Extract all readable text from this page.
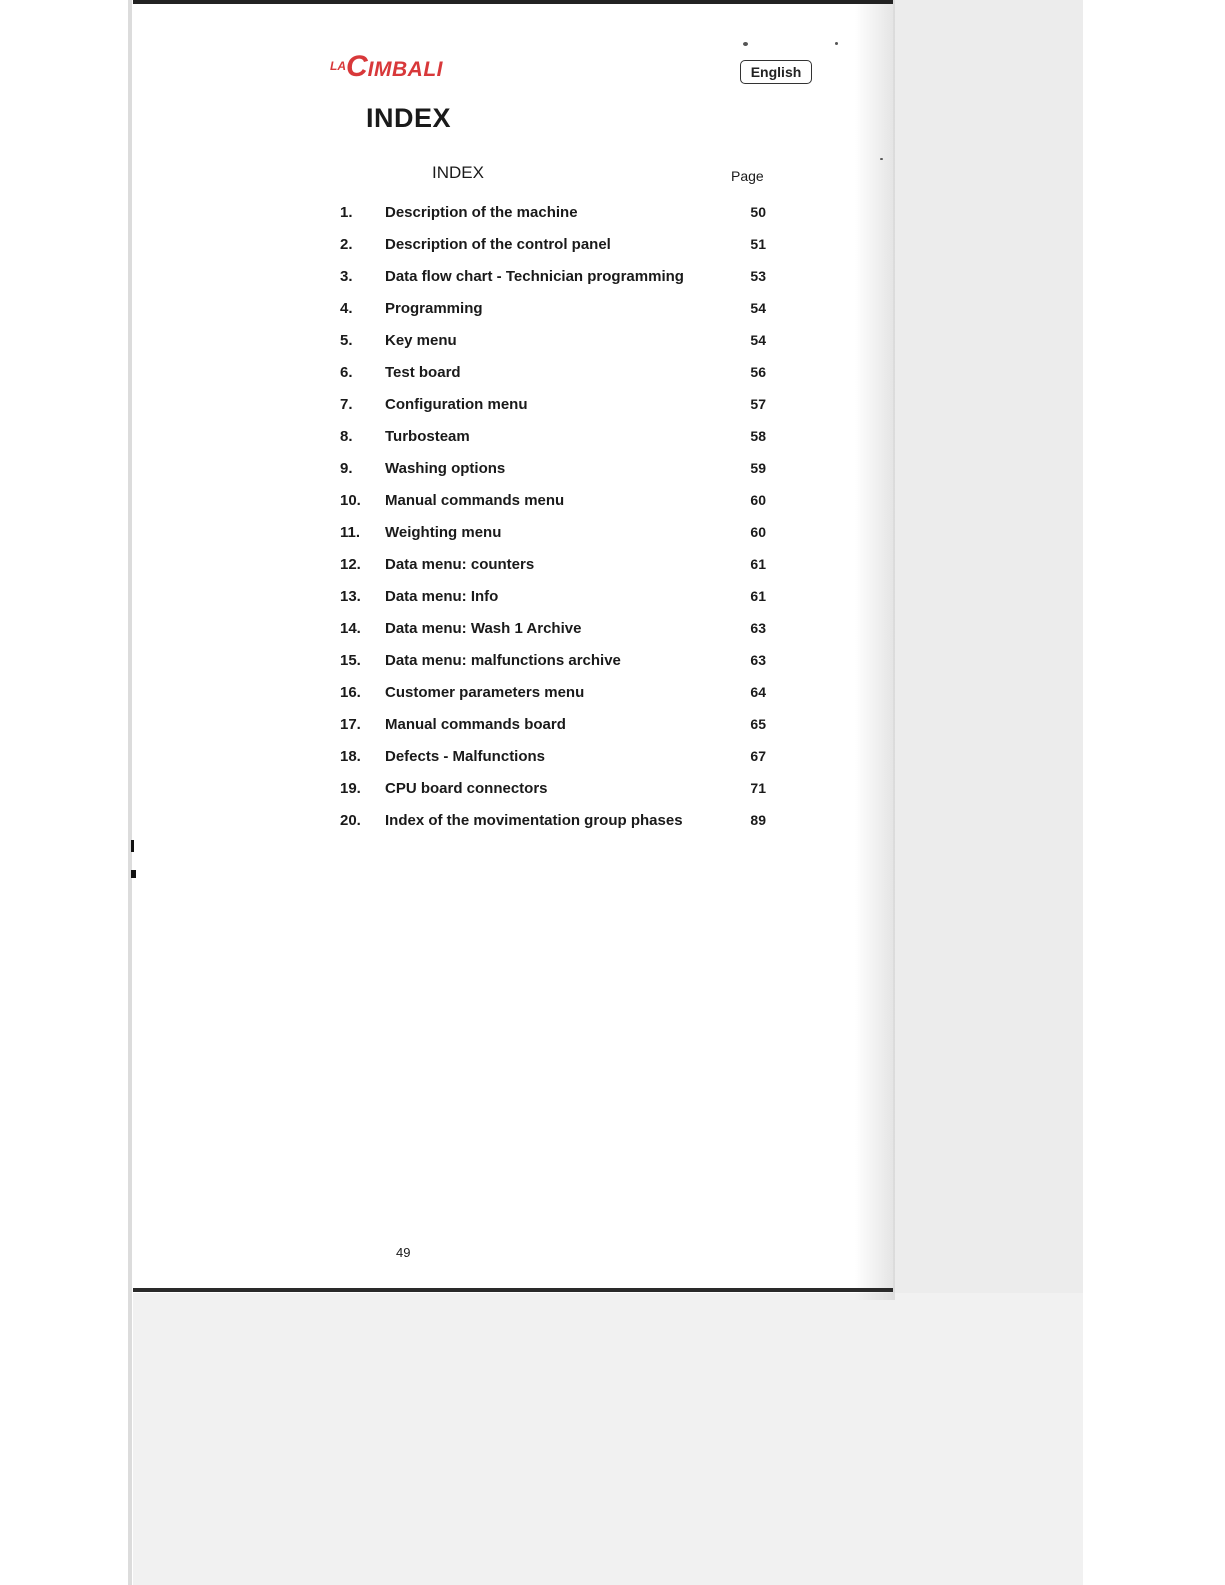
$^{LA}$CIMBALI	English
INDEX
INDEX	Page
1. Description of the machine	50
2. Description of the control panel	51
3. Data flow chart - Technician programming	53
4. Programming	54
5. Key menu	54
6. Test board	56
7. Configuration menu	57
8. Turbosteam	58
9. Washing options	59
10. Manual commands menu	60
11. Weighting menu	60
12. Data menu: counters	61
13. Data menu: Info	61
14. Data menu: Wash 1 Archive	63
15. Data menu: malfunctions archive	63
16. Customer parameters menu	64
17. Manual commands board	65
18. Defects - Malfunctions	67
19. CPU board connectors	71
20. Index of the movimentation group phases	89
49
